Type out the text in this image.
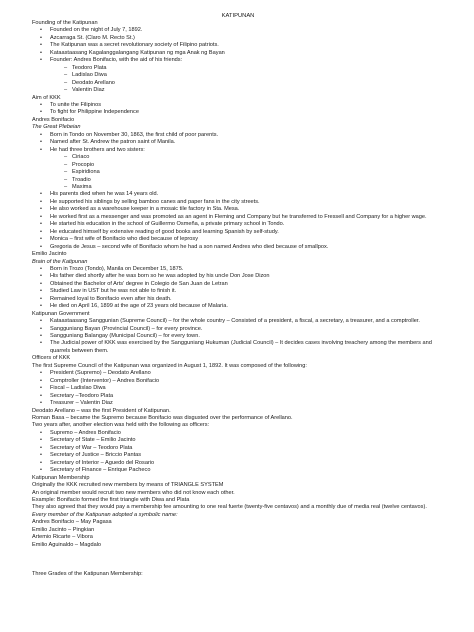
KATIPUNAN
Founding of the Katipunan
• Founded on the night of July 7, 1892.
• Azcarraga St. (Claro M. Recto St.)
• The Katipunan was a secret revolutionary society of Filipino patriots.
• Kataastaasang Kagalanggalangang Katipunan ng mga Anak ng Bayan
• Founder: Andres Bonifacio, with the aid of his friends:
– Teodoro Plata
– Ladislao Diwa
– Deodato Arellano
– Valentin Diaz
Aim of KKK
• To unite the Filipinos
• To fight for Philippine Independence
Andres Bonifacio
The Great Plebeian
• Born in Tondo on November 30, 1863, the first child of poor parents.
• Named after St. Andrew the patron saint of Manila.
• He had three brothers and two sisters:
– Ciriaco
– Procopio
– Espiridiona
– Troadio
– Maxima
• His parents died when he was 14 years old.
• He supported his siblings by selling bamboo canes and paper fans in the city streets.
• He also worked as a warehouse keeper in a mosaic tile factory in Sta. Mesa.
• He worked first as a messenger and was promoted as an agent in Fleming and Company but he transferred to Fressell and Company for a higher wage.
• He started his education in the school of Guillermo Osmeña, a private primary school in Tondo.
• He educated himself by extensive reading of good books and learning Spanish by self-study.
• Monica – first wife of Bonifacio who died because of leprosy
• Gregoria de Jesus – second wife of Bonifacio whom he had a son named Andres who died because of smallpox.
Emilio Jacinto
Brain of the Katipunan
• Born in Trozo (Tondo), Manila on December 15, 1875.
• His father died shortly after he was born so he was adopted by his uncle Don Jose Dizon
• Obtained the Bachelor of Arts' degree in Colegio de San Juan de Letran
• Studied Law in UST but he was not able to finish it.
• Remained loyal to Bonifacio even after his death.
• He died on April 16, 1899 at the age of 23 years old because of Malaria.
Katipunan Government
• Kataastaasang Sanggunian (Supreme Council) – for the whole country – Consisted of a president, a fiscal, a secretary, a treasurer, and a comptroller.
• Sangguniang Bayan (Provincial Council) – for every province.
• Sangguniang Balangay (Municipal Council) – for every town.
• The Judicial power of KKK was exercised by the Sangguniang Hukuman (Judicial Council) – It decides cases involving treachery among the members and quarrels between them.
Officers of KKK
The first Supreme Council of the Katipunan was organized in August 1, 1892. It was composed of the following:
• President (Supremo) – Deodato Arellano
• Comptroller (Interventor) – Andres Bonifacio
• Fiscal – Ladislao Diwa
• Secretary –Teodoro Plata
• Treasurer – Valentin Diaz
Deodato Arellano – was the first President of Katipunan.
Roman Basa – became the Supremo because Bonifacio was disgusted over the performance of Arellano.
Two years after, another election was held with the following as officers:
• Supremo – Andres Bonifacio
• Secretary of State – Emilio Jacinto
• Secretary of War – Teodoro Plata
• Secretary of Justice – Briccio Pantas
• Secretary of Interior – Aguedo del Rosario
• Secretary of Finance – Enrique Pacheco
Katipunan Membership
Originally the KKK recruited new members by means of TRIANGLE SYSTEM
An original member would recruit two new members who did not know each other.
Example: Bonifacio formed the first triangle with Diwa and Plata
They also agreed that they would pay a membership fee amounting to one real fuerte (twenty-five centavos) and a monthly due of media real (twelve centavos).
Every member of the Katipunan adopted a symbolic name:
Andres Bonifacio – May Pagasa
Emilio Jacinto – Pingkian
Artemio Ricarte – Vibora
Emilio Aguinaldo – Magdalo
Three Grades of the Katipunan Membership:
